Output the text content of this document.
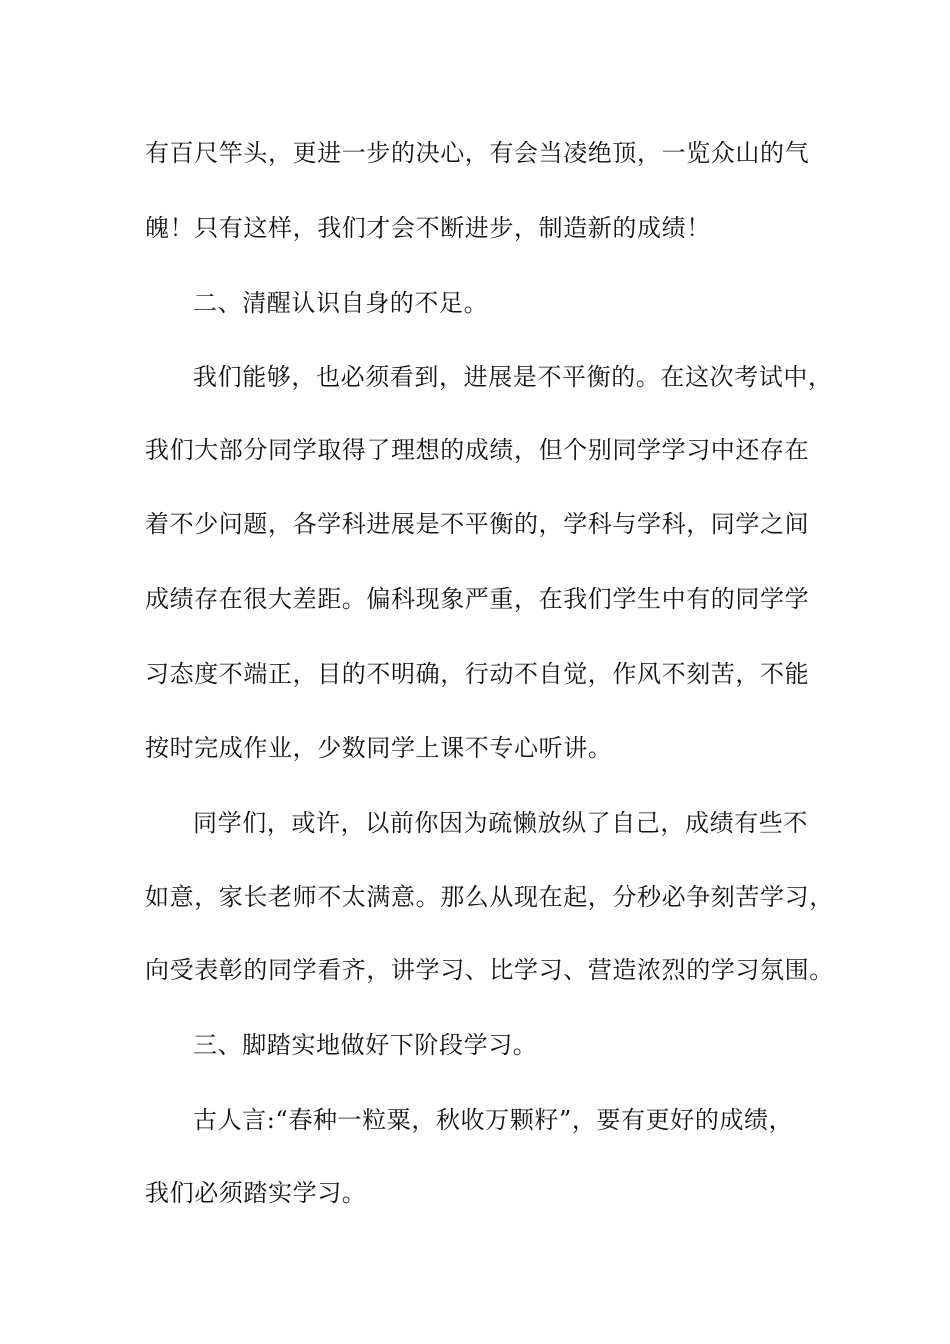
有百尺竿头，更进一步的决心，有会当凌绝顶，一览众山的气
魄！只有这样，我们才会不断进步，制造新的成绩！
二、清醒认识自身的不足。
我们能够，也必须看到，进展是不平衡的。在这次考试中，
我们大部分同学取得了理想的成绩，但个别同学学习中还存在
着不少问题，各学科进展是不平衡的，学科与学科，同学之间
成绩存在很大差距。偏科现象严重，在我们学生中有的同学学
习态度不端正，目的不明确，行动不自觉，作风不刻苦，不能
按时完成作业，少数同学上课不专心听讲。
同学们，或许，以前你因为疏懒放纵了自己，成绩有些不
如意，家长老师不太满意。那么从现在起，分秒必争刻苦学习，
向受表彰的同学看齐，讲学习、比学习、营造浓烈的学习氛围。
三、脚踏实地做好下阶段学习。
古人言:“春种一粒粟，秋收万颗籽”，要有更好的成绩，
我们必须踏实学习。
